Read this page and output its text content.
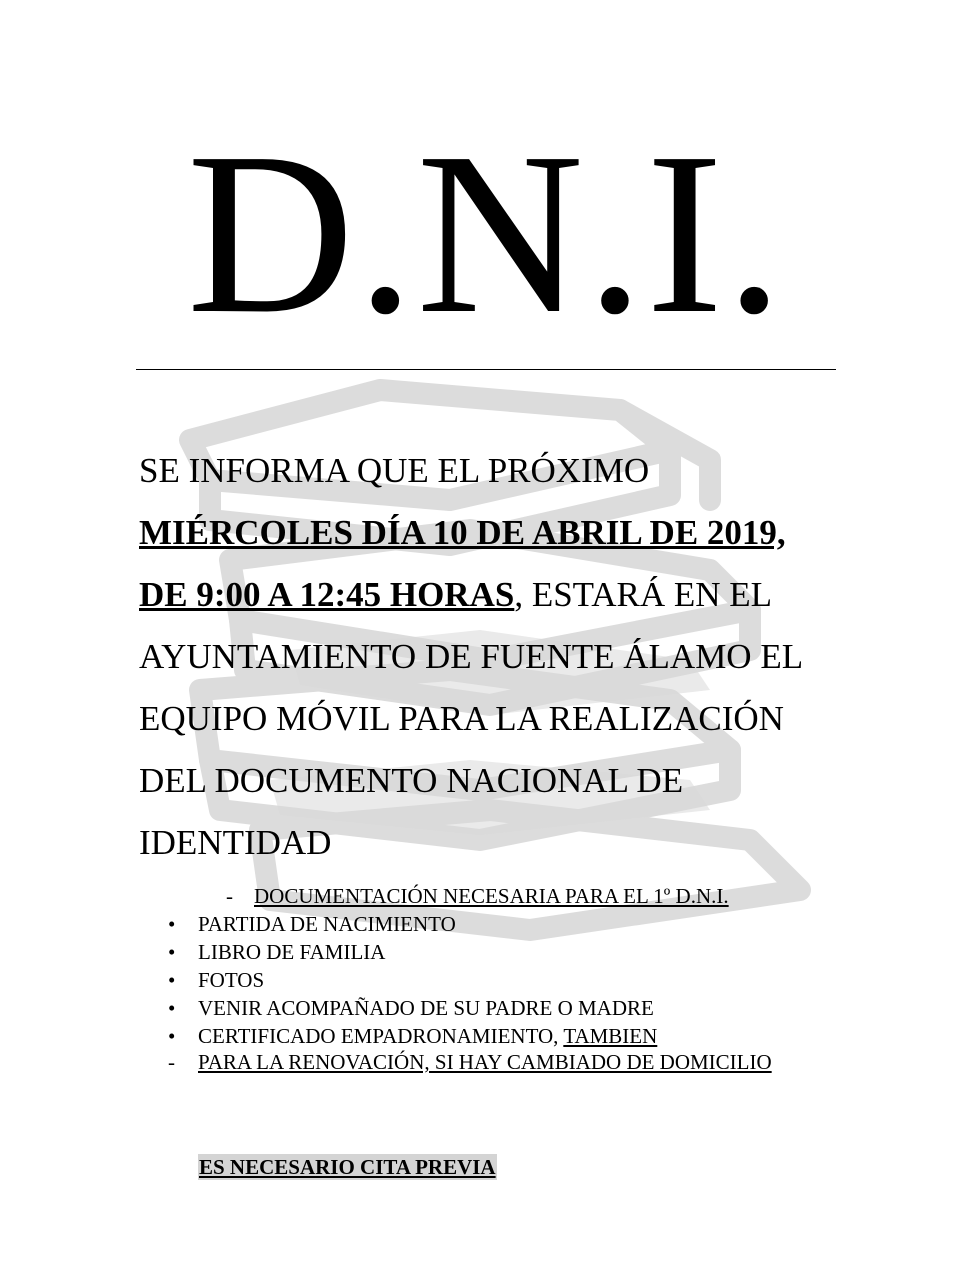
D.N.I.
SE INFORMA QUE EL PRÓXIMO
MIÉRCOLES DÍA 10 DE ABRIL DE 2019,
DE 9:00 A 12:45 HORAS, ESTARÁ EN EL AYUNTAMIENTO DE FUENTE ÁLAMO EL EQUIPO MÓVIL PARA LA REALIZACIÓN DEL DOCUMENTO NACIONAL DE IDENTIDAD
- DOCUMENTACIÓN NECESARIA PARA EL 1º D.N.I.
•	PARTIDA DE NACIMIENTO
•	LIBRO DE FAMILIA
•	FOTOS
•	VENIR ACOMPAÑADO DE SU PADRE O MADRE
•	CERTIFICADO EMPADRONAMIENTO, TAMBIEN
-	PARA LA RENOVACIÓN, SI HAY CAMBIADO DE DOMICILIO
ES NECESARIO CITA PREVIA
